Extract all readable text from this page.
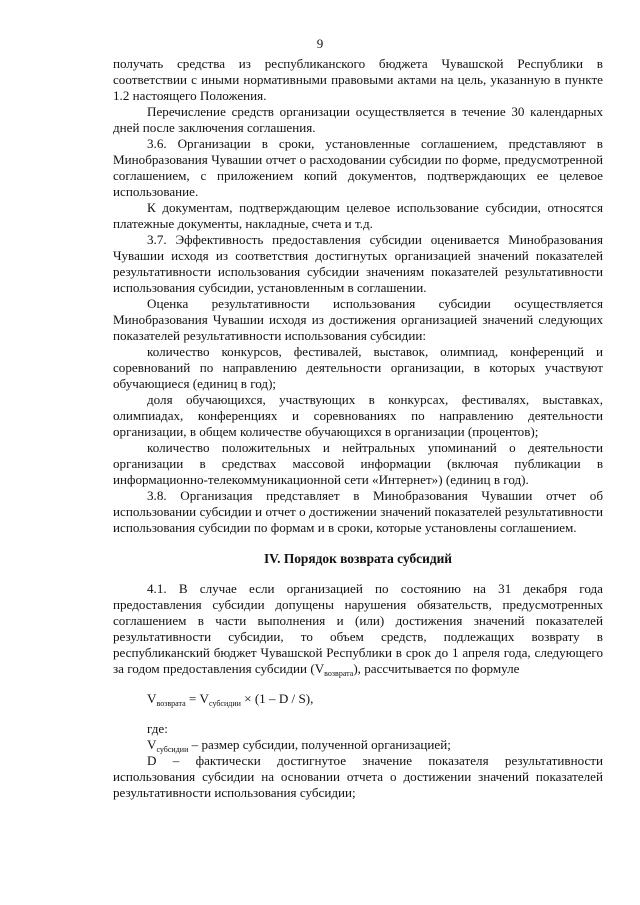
9

получать средства из республиканского бюджета Чувашской Республики в соответствии с иными нормативными правовыми актами на цель, указанную в пункте 1.2 настоящего Положения.

Перечисление средств организации осуществляется в течение 30 календарных дней после заключения соглашения.

3.6. Организации в сроки, установленные соглашением, представляют в Минобразования Чувашии отчет о расходовании субсидии по форме, предусмотренной соглашением, с приложением копий документов, подтверждающих ее целевое использование.

К документам, подтверждающим целевое использование субсидии, относятся платежные документы, накладные, счета и т.д.

3.7. Эффективность предоставления субсидии оценивается Минобразования Чувашии исходя из соответствия достигнутых организацией значений показателей результативности использования субсидии значениям показателей результативности использования субсидии, установленным в соглашении.

Оценка результативности использования субсидии осуществляется Минобразования Чувашии исходя из достижения организацией значений следующих показателей результативности использования субсидии:

количество конкурсов, фестивалей, выставок, олимпиад, конференций и соревнований по направлению деятельности организации, в которых участвуют обучающиеся (единиц в год);

доля обучающихся, участвующих в конкурсах, фестивалях, выставках, олимпиадах, конференциях и соревнованиях по направлению деятельности организации, в общем количестве обучающихся в организации (процентов);

количество положительных и нейтральных упоминаний о деятельности организации в средствах массовой информации (включая публикации в информационно-телекоммуникационной сети «Интернет») (единиц в год).

3.8. Организация представляет в Минобразования Чувашии отчет об использовании субсидии и отчет о достижении значений показателей результативности использования субсидии по формам и в сроки, которые установлены соглашением.

IV. Порядок возврата субсидий

4.1. В случае если организацией по состоянию на 31 декабря года предоставления субсидии допущены нарушения обязательств, предусмотренных соглашением в части выполнения и (или) достижения значений показателей результативности субсидии, то объем средств, подлежащих возврату в республиканский бюджет Чувашской Республики в срок до 1 апреля года, следующего за годом предоставления субсидии $(V_{возврата})$, рассчитывается по формуле

$V_{возврата} = V_{субсидии} \times (1 - D / S)$,

где:

$V_{субсидии}$ – размер субсидии, полученной организацией;

D – фактически достигнутое значение показателя результативности использования субсидии на основании отчета о достижении значений показателей результативности использования субсидии;
